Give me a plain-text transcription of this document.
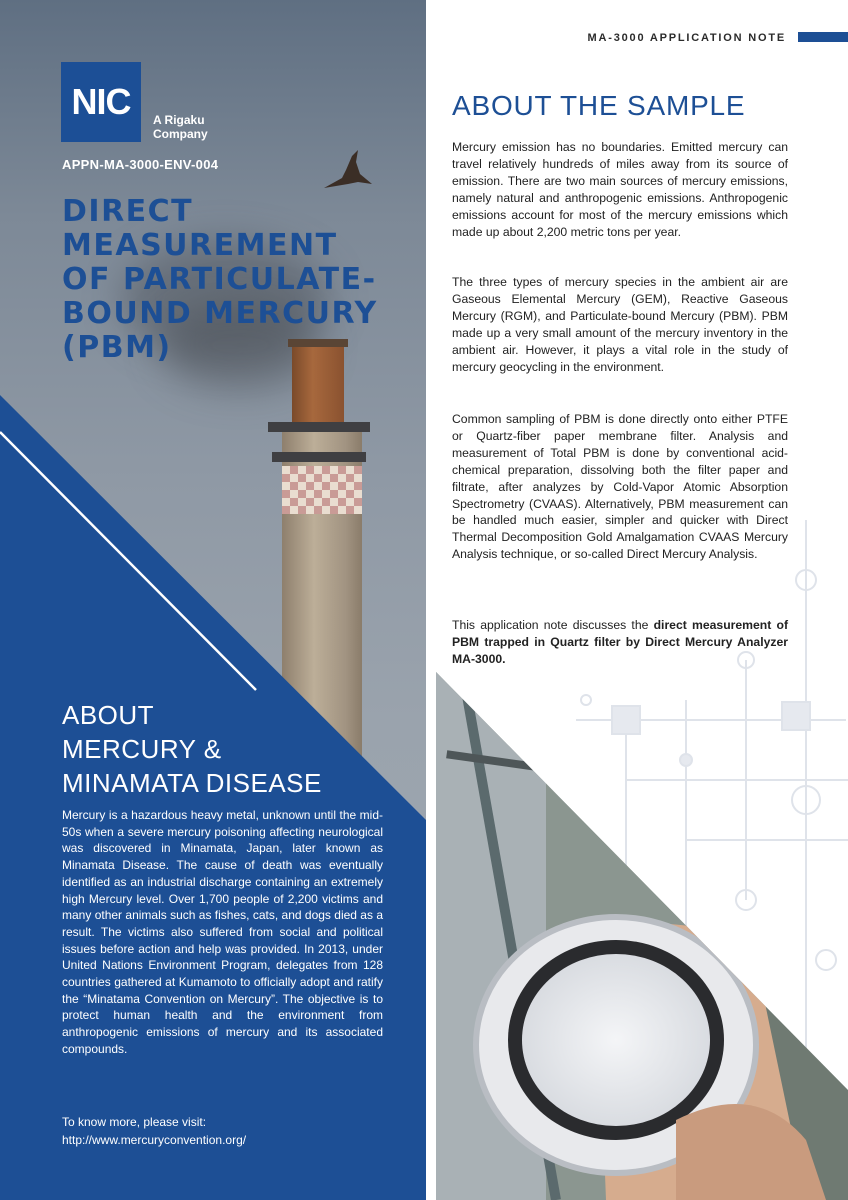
NIC A Rigaku
Company
APPN-MA-3000-ENV-004
DIRECT
MEASUREMENT
OF PARTICULATE-
BOUND MERCURY
(PBM)
ABOUT
MERCURY &
MINAMATA DISEASE

Mercury is a hazardous heavy metal, unknown until the mid-50s when a severe mercury poisoning affecting neurological was discovered in Minamata, Japan, later known as Minamata Disease. The cause of death was eventually identified as an industrial discharge containing an extremely high Mercury level. Over 1,700 people of 2,200 victims and many other animals such as fishes, cats, and dogs died as a result. The victims also suffered from social and political issues before action and help was provided. In 2013, under United Nations Environment Program, delegates from 128 countries gathered at Kumamoto to officially adopt and ratify the “Minatama Convention on Mercury”. The objective is to protect human health and the environment from anthropogenic emissions of mercury and its associated compounds.

To know more, please visit:
http://www.mercuryconvention.org/
MA-3000 APPLICATION NOTE
ABOUT THE SAMPLE

Mercury emission has no boundaries. Emitted mercury can travel relatively hundreds of miles away from its source of emission. There are two main sources of mercury emissions, namely natural and anthropogenic emissions. Anthropogenic emissions account for most of the mercury emissions which made up about 2,200 metric tons per year.

The three types of mercury species in the ambient air are Gaseous Elemental Mercury (GEM), Reactive Gaseous Mercury (RGM), and Particulate-bound Mercury (PBM). PBM made up a very small amount of the mercury inventory in the ambient air. However, it plays a vital role in the study of mercury geocycling in the environment.

Common sampling of PBM is done directly onto either PTFE or Quartz-fiber paper membrane filter. Analysis and measurement of Total PBM is done by conventional acid-chemical preparation, dissolving both the filter paper and filtrate, after analyzes by Cold-Vapor Atomic Absorption Spectrometry (CVAAS). Alternatively, PBM measurement can be handled much easier, simpler and quicker with Direct Thermal Decomposition Gold Amalgamation CVAAS Mercury Analysis technique, or so-called Direct Mercury Analysis.

This application note discusses the direct measurement of PBM trapped in Quartz filter by Direct Mercury Analyzer MA-3000.
